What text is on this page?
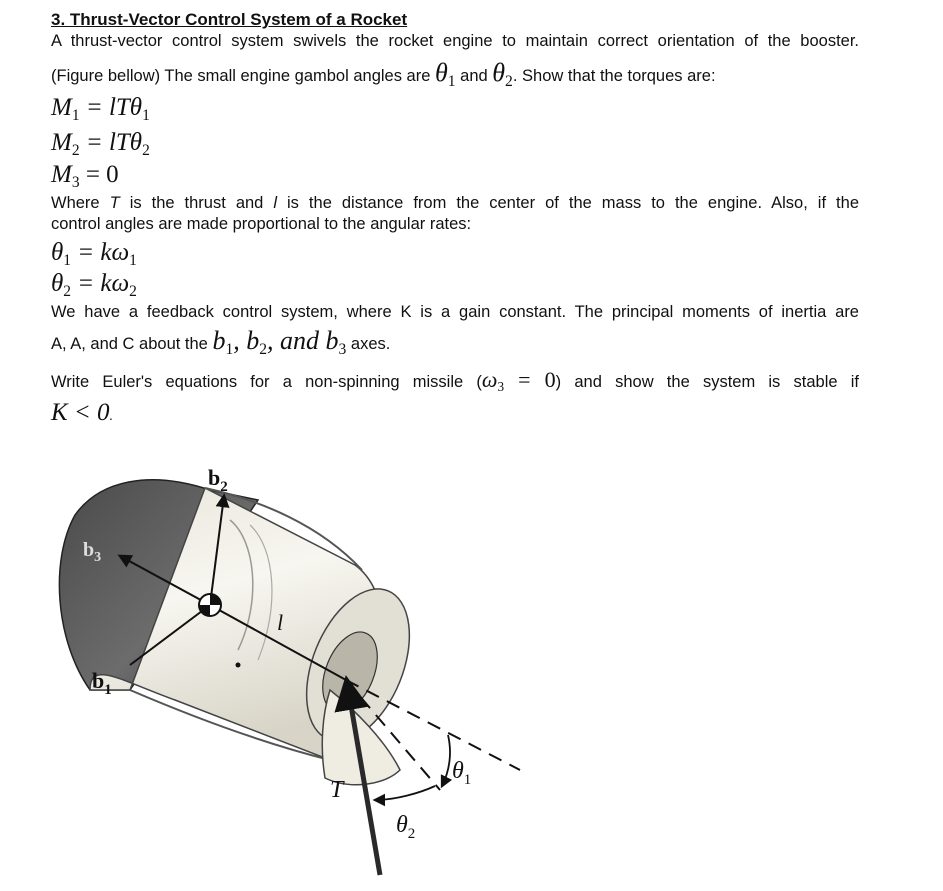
3. Thrust-Vector Control System of a Rocket
A thrust-vector control system swivels the rocket engine to maintain correct orientation of the booster.
(Figure bellow) The small engine gambol angles are $\theta_1$ and $\theta_2$. Show that the torques are:
$M_1 = lT\theta_1$
$M_2 = lT\theta_2$
$M_3 = 0$
Where T is the thrust and l is the distance from the center of the mass to the engine. Also, if the
control angles are made proportional to the angular rates:
$\theta_1 = k\omega_1$
$\theta_2 = k\omega_2$
We have a feedback control system, where K is a gain constant. The principal moments of inertia are
A, A, and C about the $b_1$, $b_2$, and $b_3$ axes.
Write Euler's equations for a non-spinning missile $(\omega_3 = 0)$ and show the system is stable if
K < 0.
$b_2$
$b_3$
$b_1$
l
T
$\theta_1$
$\theta_2$
